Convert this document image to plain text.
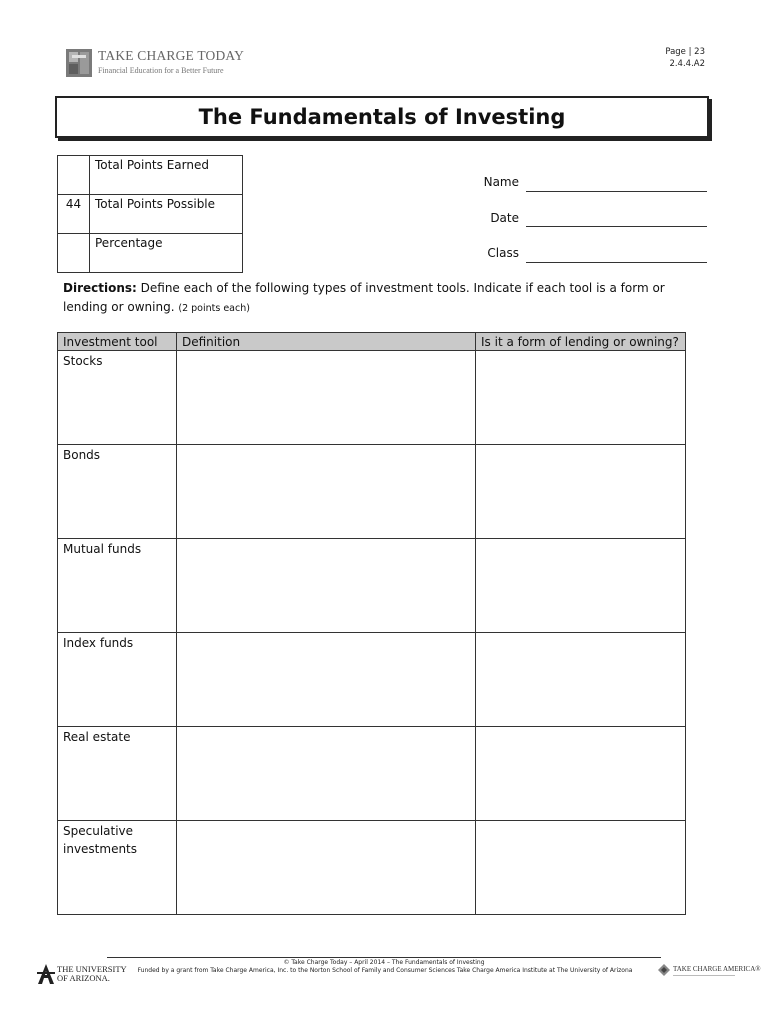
TAKE CHARGE TODAY
Financial Education for a Better Future
Page | 23
2.4.4.A2
The Fundamentals of Investing
	Total Points Earned
44	Total Points Possible
	Percentage
Name
Date
Class
Directions: Define each of the following types of investment tools. Indicate if each tool is a form or lending or owning. (2 points each)
Investment tool	Definition	Is it a form of lending or owning?
Stocks		
Bonds		
Mutual funds		
Index funds		
Real estate		
Speculative investments		
© Take Charge Today – April 2014 – The Fundamentals of Investing
Funded by a grant from Take Charge America, Inc. to the Norton School of Family and Consumer Sciences Take Charge America Institute at The University of Arizona
THE UNIVERSITY
OF ARIZONA.
TAKE CHARGE AMERICA®
